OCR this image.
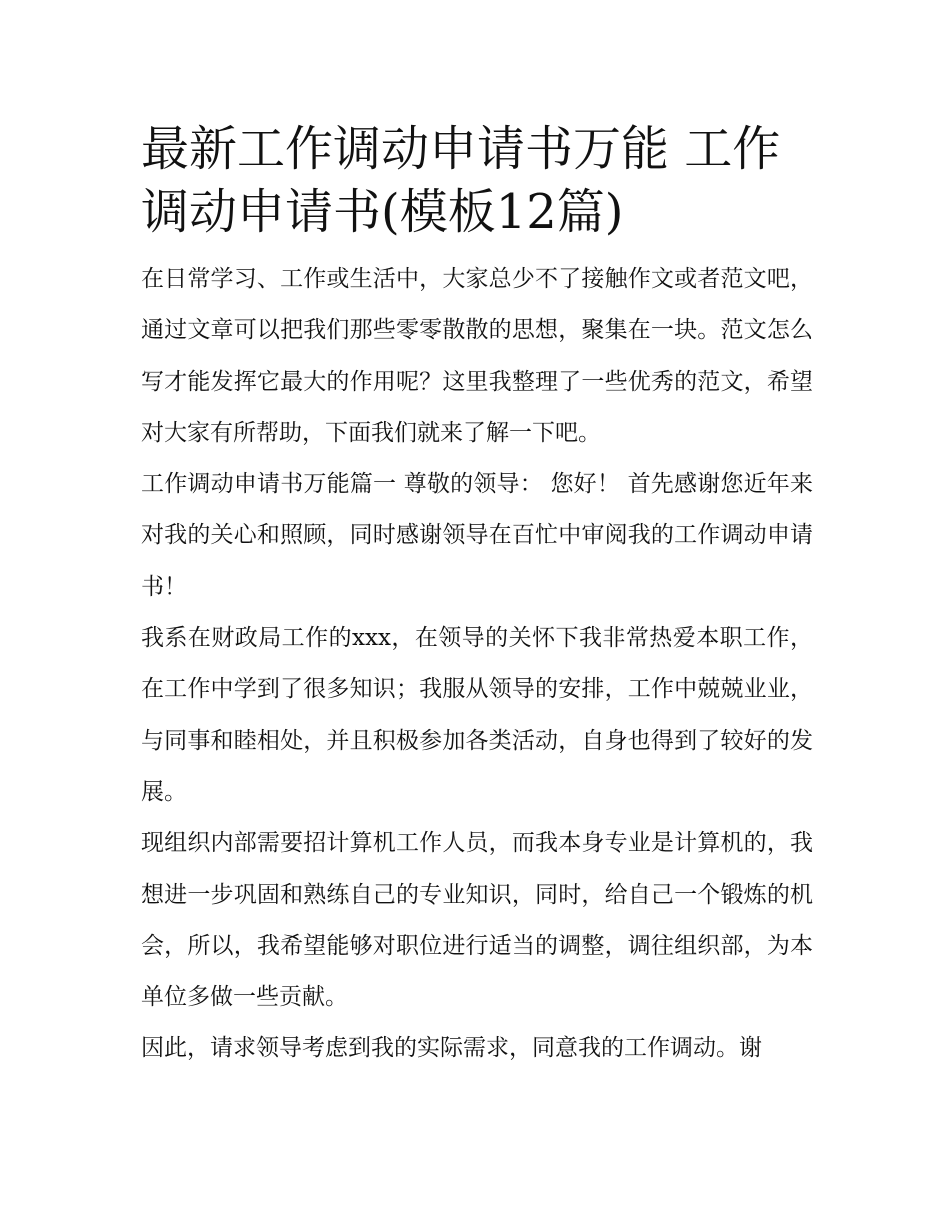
最新工作调动申请书万能 工作调动申请书(模板12篇)

在日常学习、工作或生活中，大家总少不了接触作文或者范文吧，通过文章可以把我们那些零零散散的思想，聚集在一块。范文怎么写才能发挥它最大的作用呢？这里我整理了一些优秀的范文，希望对大家有所帮助，下面我们就来了解一下吧。

工作调动申请书万能篇一 尊敬的领导： 您好！ 首先感谢您近年来对我的关心和照顾，同时感谢领导在百忙中审阅我的工作调动申请书！

我系在财政局工作的xxx，在领导的关怀下我非常热爱本职工作，在工作中学到了很多知识；我服从领导的安排，工作中兢兢业业，与同事和睦相处，并且积极参加各类活动，自身也得到了较好的发展。

现组织内部需要招计算机工作人员，而我本身专业是计算机的，我想进一步巩固和熟练自己的专业知识，同时，给自己一个锻炼的机会，所以，我希望能够对职位进行适当的调整，调往组织部，为本单位多做一些贡献。

因此，请求领导考虑到我的实际需求，同意我的工作调动。谢
